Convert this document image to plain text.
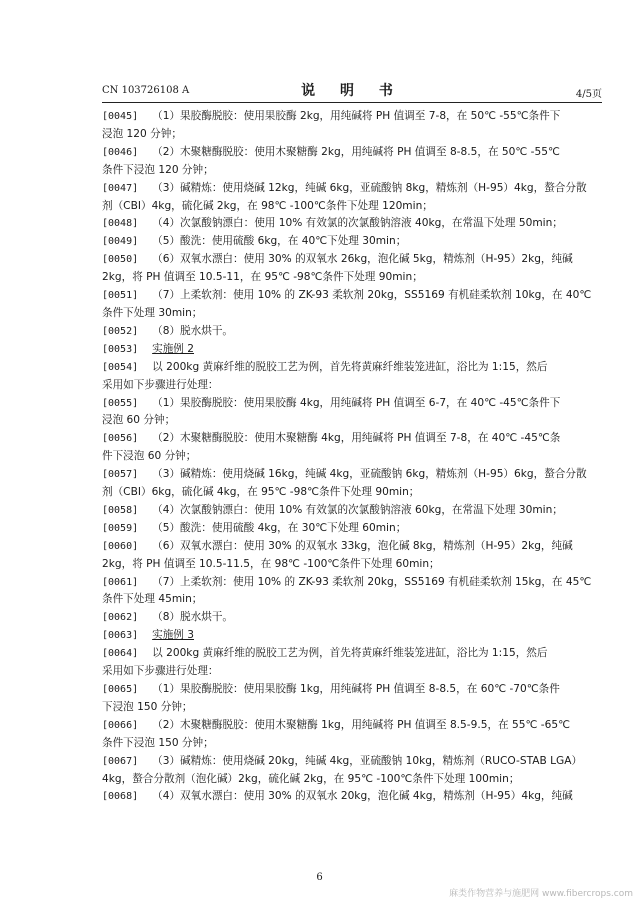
CN 103726108 A	说 明 书	4/5页

[0045] （1）果胶酶脱胶：使用果胶酶 2kg，用纯碱将 PH 值调至 7-8，在 50℃ -55℃条件下
浸泡 120 分钟；

[0046] （2）木聚糖酶脱胶：使用木聚糖酶 2kg，用纯碱将 PH 值调至 8-8.5，在 50℃ -55℃
条件下浸泡 120 分钟；

[0047] （3）碱精炼：使用烧碱 12kg，纯碱 6kg，亚硫酸钠 8kg，精炼剂（H-95）4kg，螯合分散
剂（CBI）4kg，硫化碱 2kg，在 98℃ -100℃条件下处理 120min；

[0048] （4）次氯酸钠漂白：使用 10% 有效氯的次氯酸钠溶液 40kg，在常温下处理 50min；

[0049] （5）酸洗：使用硫酸 6kg，在 40℃下处理 30min；

[0050] （6）双氧水漂白：使用 30% 的双氧水 26kg，泡化碱 5kg，精炼剂（H-95）2kg，纯碱
2kg，将 PH 值调至 10.5-11，在 95℃ -98℃条件下处理 90min；

[0051] （7）上柔软剂：使用 10% 的 ZK-93 柔软剂 20kg，SS5169 有机硅柔软剂 10kg，在 40℃
条件下处理 30min；

[0052] （8）脱水烘干。

[0053] 实施例 2

[0054] 以 200kg 黄麻纤维的脱胶工艺为例，首先将黄麻纤维装笼进缸，浴比为 1:15，然后
采用如下步骤进行处理：

[0055] （1）果胶酶脱胶：使用果胶酶 4kg，用纯碱将 PH 值调至 6-7，在 40℃ -45℃条件下
浸泡 60 分钟；

[0056] （2）木聚糖酶脱胶：使用木聚糖酶 4kg，用纯碱将 PH 值调至 7-8，在 40℃ -45℃条
件下浸泡 60 分钟；

[0057] （3）碱精炼：使用烧碱 16kg，纯碱 4kg，亚硫酸钠 6kg，精炼剂（H-95）6kg，螯合分散
剂（CBI）6kg，硫化碱 4kg，在 95℃ -98℃条件下处理 90min；

[0058] （4）次氯酸钠漂白：使用 10% 有效氯的次氯酸钠溶液 60kg，在常温下处理 30min；

[0059] （5）酸洗：使用硫酸 4kg，在 30℃下处理 60min；

[0060] （6）双氧水漂白：使用 30% 的双氧水 33kg，泡化碱 8kg，精炼剂（H-95）2kg，纯碱
2kg，将 PH 值调至 10.5-11.5，在 98℃ -100℃条件下处理 60min；

[0061] （7）上柔软剂：使用 10% 的 ZK-93 柔软剂 20kg，SS5169 有机硅柔软剂 15kg，在 45℃
条件下处理 45min；

[0062] （8）脱水烘干。

[0063] 实施例 3

[0064] 以 200kg 黄麻纤维的脱胶工艺为例，首先将黄麻纤维装笼进缸，浴比为 1:15，然后
采用如下步骤进行处理：

[0065] （1）果胶酶脱胶：使用果胶酶 1kg，用纯碱将 PH 值调至 8-8.5，在 60℃ -70℃条件
下浸泡 150 分钟；

[0066] （2）木聚糖酶脱胶：使用木聚糖酶 1kg，用纯碱将 PH 值调至 8.5-9.5，在 55℃ -65℃
条件下浸泡 150 分钟；

[0067] （3）碱精炼：使用烧碱 20kg，纯碱 4kg，亚硫酸钠 10kg，精炼剂（RUCO-STAB LGA）
4kg，螯合分散剂（泡化碱）2kg，硫化碱 2kg，在 95℃ -100℃条件下处理 100min；

[0068] （4）双氧水漂白：使用 30% 的双氧水 20kg，泡化碱 4kg，精炼剂（H-95）4kg，纯碱

6
麻类作物营养与施肥网 www.fibercrops.com
